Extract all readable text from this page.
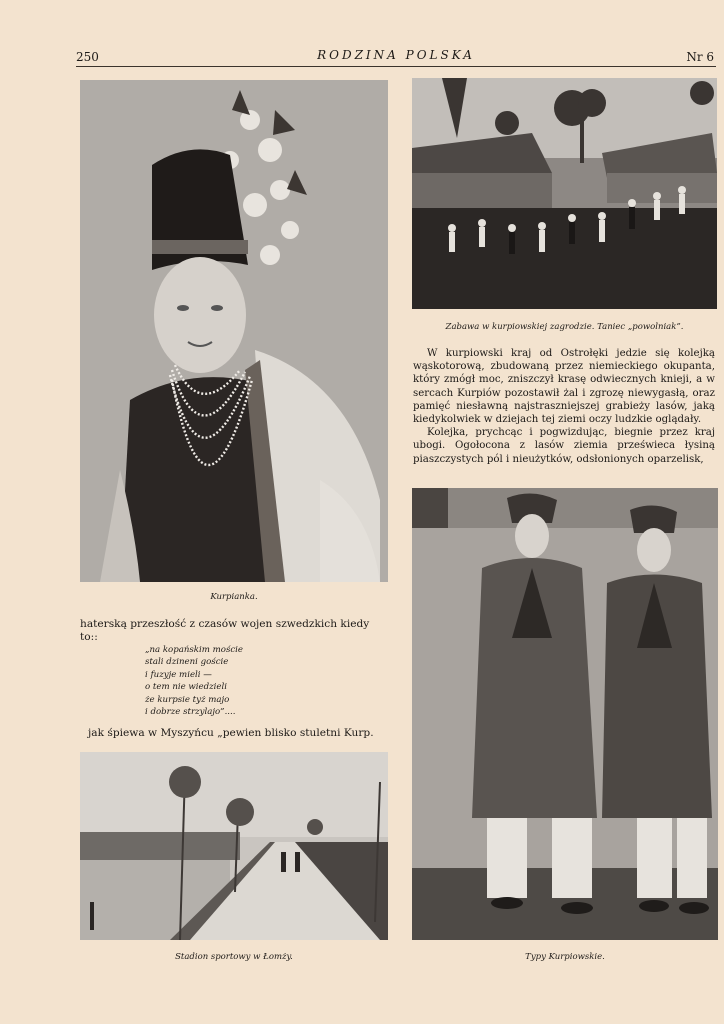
250	RODZINA POLSKA	Nr 6
Kurpianka.
Zabawa w kurpiowskiej zagrodzie. Taniec „powolniak”.

W kurpiowski kraj od Ostrołęki jedzie się kolejką wąskotorową, zbudowaną przez niemieckiego okupanta, który zmógł moc, zniszczył krasę odwiecznych knieji, a w sercach Kurpiów pozostawił żal i zgrozę niewygasłą, oraz pamięć niesławną najstraszniejszej grabieży lasów, jaką kiedykolwiek w dziejach tej ziemi oczy ludzkie oglądały.

Kolejka, prychcąc i pogwizdując, biegnie przez kraj ubogi. Ogołocona z lasów ziemia prześwieca łysiną piaszczystych pól i nieużytków, odsłonionych oparzelisk,

haterską przeszłość z czasów wojen szwedzkich kiedy to::
„na kopańskim moście
stali dzineni goście
i fuzyje mieli —
o tem nie wiedzieli
że kurpsie tyż majo
i dobrze strzylajo”....
jak śpiewa w Myszyńcu „pewien blisko stuletni Kurp.
Stadion sportowy w Łomży.	Typy Kurpiowskie.
